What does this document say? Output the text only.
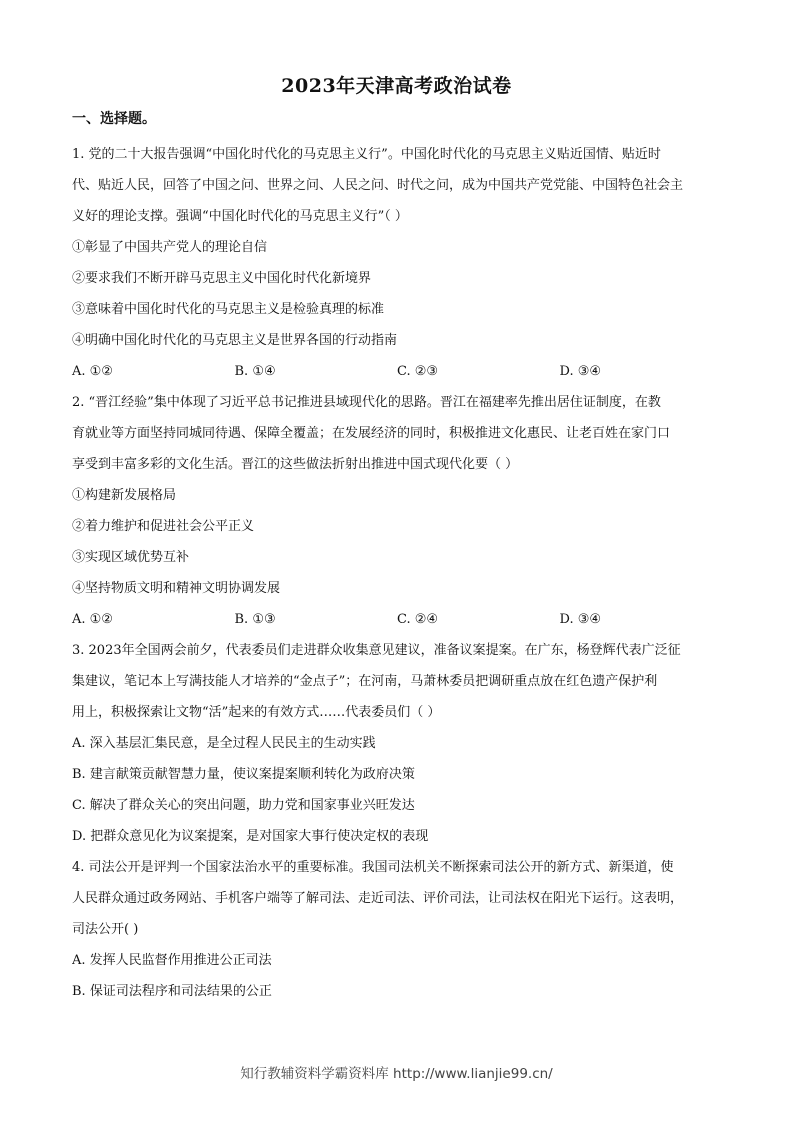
2023年天津高考政治试卷
一、选择题。
1. 党的二十大报告强调“中国化时代化的马克思主义行”。中国化时代化的马克思主义贴近国情、贴近时
代、贴近人民，回答了中国之问、世界之问、人民之问、时代之问，成为中国共产党党能、中国特色社会主
义好的理论支撑。强调“中国化时代化的马克思主义行”（ ）
①彰显了中国共产党人的理论自信
②要求我们不断开辟马克思主义中国化时代化新境界
③意味着中国化时代化的马克思主义是检验真理的标准
④明确中国化时代化的马克思主义是世界各国的行动指南
A. ①②	B. ①④	C. ②③	D. ③④
2. “晋江经验”集中体现了习近平总书记推进县域现代化的思路。晋江在福建率先推出居住证制度，在教
育就业等方面坚持同城同待遇、保障全覆盖；在发展经济的同时，积极推进文化惠民、让老百姓在家门口
享受到丰富多彩的文化生活。晋江的这些做法折射出推进中国式现代化要（ ）
①构建新发展格局
②着力维护和促进社会公平正义
③实现区域优势互补
④坚持物质文明和精神文明协调发展
A. ①②	B. ①③	C. ②④	D. ③④
3. 2023年全国两会前夕，代表委员们走进群众收集意见建议，准备议案提案。在广东，杨登辉代表广泛征
集建议，笔记本上写满技能人才培养的“金点子”；在河南，马萧林委员把调研重点放在红色遗产保护利
用上，积极探索让文物“活”起来的有效方式……代表委员们（ ）
A. 深入基层汇集民意，是全过程人民民主的生动实践
B. 建言献策贡献智慧力量，使议案提案顺利转化为政府决策
C. 解决了群众关心的突出问题，助力党和国家事业兴旺发达
D. 把群众意见化为议案提案，是对国家大事行使决定权的表现
4. 司法公开是评判一个国家法治水平的重要标准。我国司法机关不断探索司法公开的新方式、新渠道，使
人民群众通过政务网站、手机客户端等了解司法、走近司法、评价司法，让司法权在阳光下运行。这表明，
司法公开( )
A. 发挥人民监督作用推进公正司法
B. 保证司法程序和司法结果的公正
知行教辅资料学霸资料库 http://www.lianjie99.cn/
